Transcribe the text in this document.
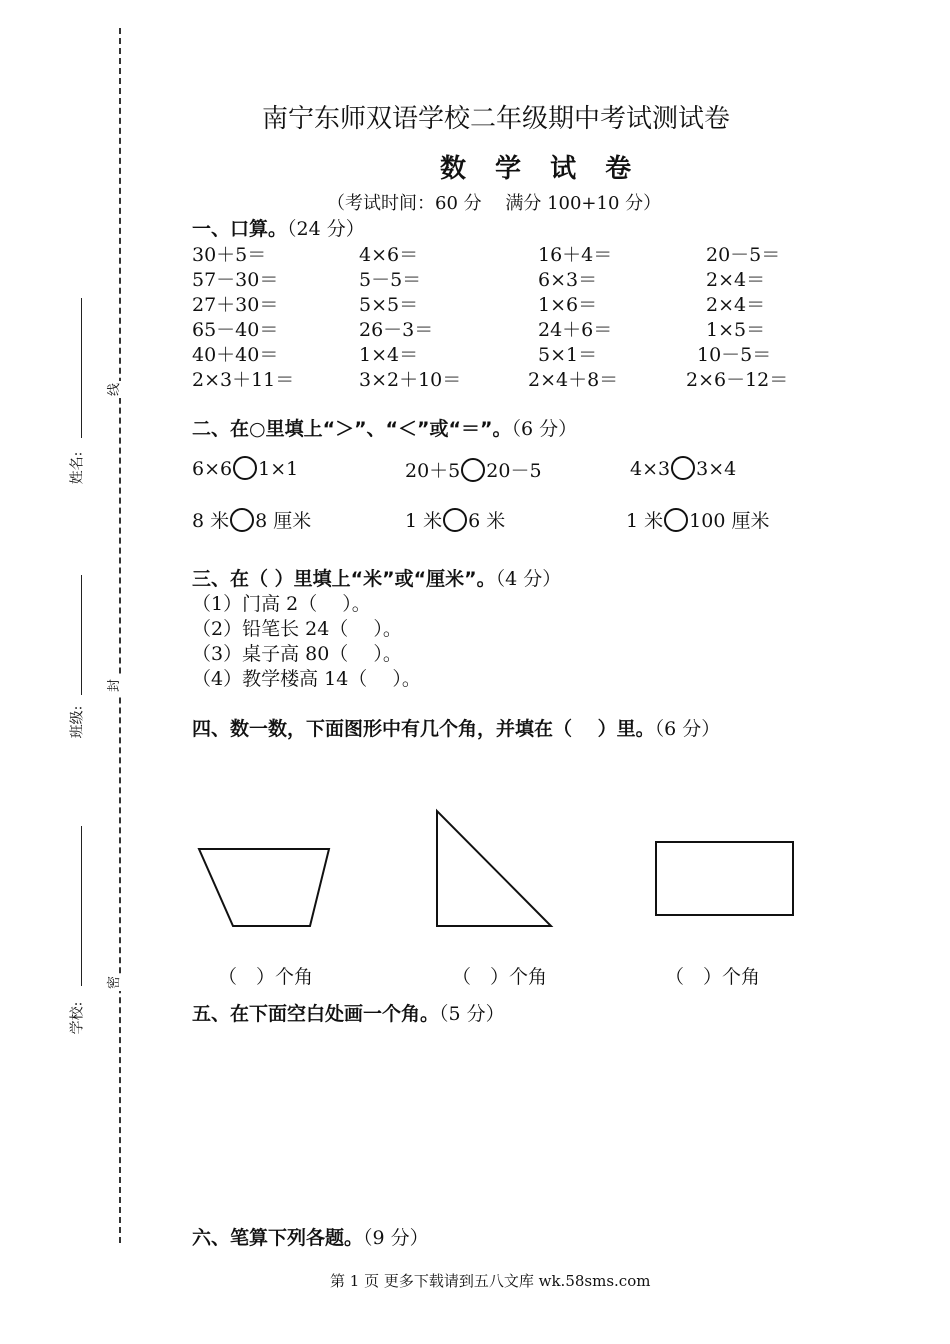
姓名:
班级:
学校:
线
封
密
南宁东师双语学校二年级期中考试测试卷
数 学 试 卷
（考试时间：60 分　 满分 100+10 分）
一、口算。（24 分）
30＋5＝	4×6＝	16＋4＝	20－5＝
57－30＝	5－5＝	6×3＝	2×4＝
27＋30＝	5×5＝	1×6＝	2×4＝
65－40＝	26－3＝	24＋6＝	1×5＝
40＋40＝	1×4＝	5×1＝	10－5＝
2×3＋11＝	3×2＋10＝	2×4＋8＝	2×6－12＝
二、在○里填上“＞”、“＜”或“＝”。（6 分）
6×6 1×1	20＋5 20－5	4×3 3×4
8 米 8 厘米	1 米 6 米	1 米 100 厘米
三、在（ ）里填上“米”或“厘米”。（4 分）
（1）门高 2（　 ）。
（2）铅笔长 24（　 ）。
（3）桌子高 80（　 ）。
（4）教学楼高 14（　 ）。
四、数一数，下面图形中有几个角，并填在（　 ）里。（6 分）
（　）个角	（　）个角	（　）个角
五、在下面空白处画一个角。（5 分）
六、笔算下列各题。（9 分）
第 1 页 更多下载请到五八文库 wk.58sms.com
